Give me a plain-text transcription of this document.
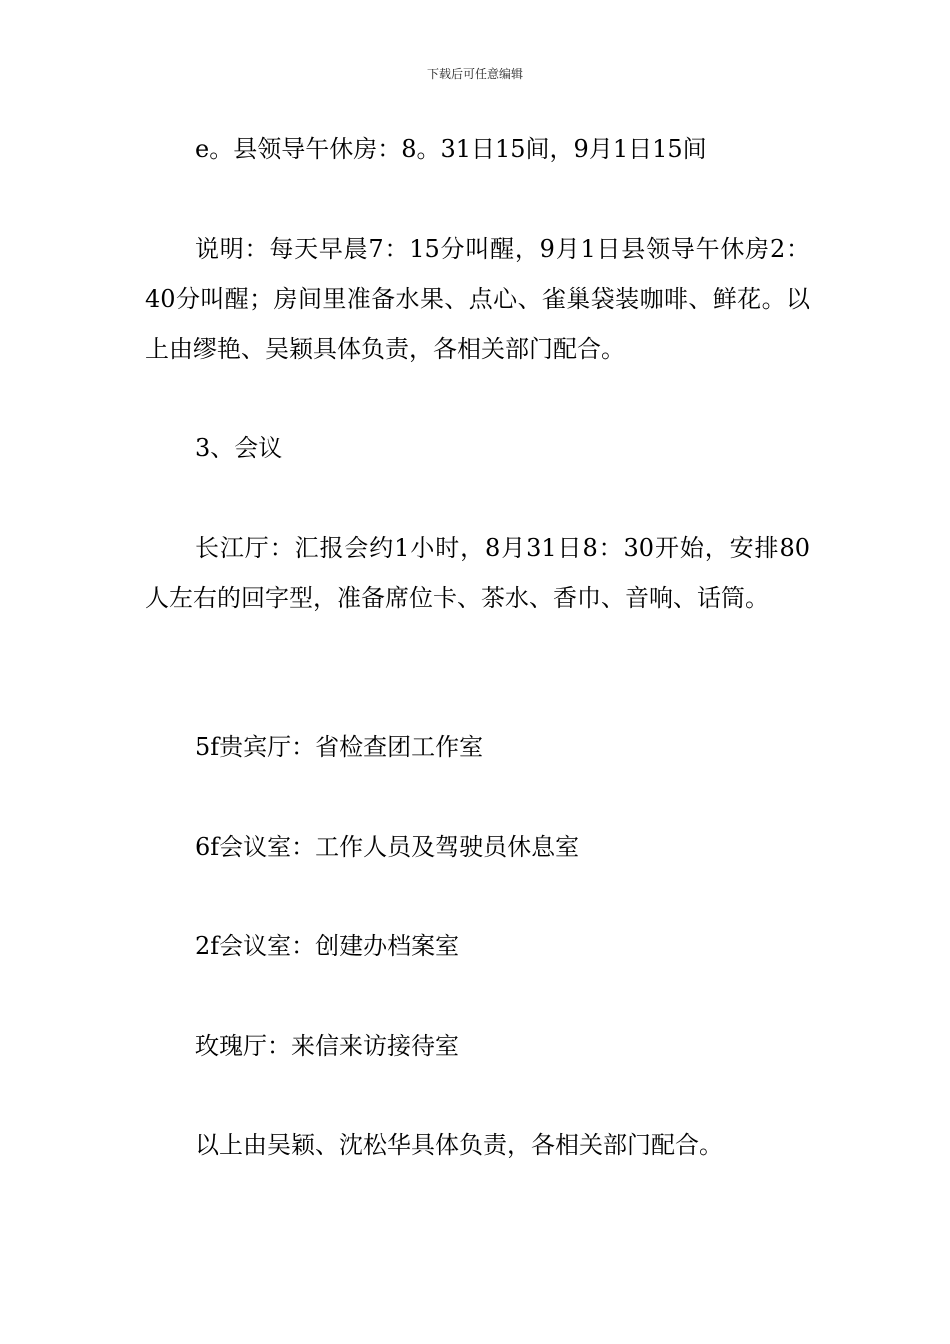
下载后可任意编辑

e。县领导午休房：8。31日15间，9月1日15间

说明：每天早晨7：15分叫醒，9月1日县领导午休房2：40分叫醒；房间里准备水果、点心、雀巢袋装咖啡、鲜花。以上由缪艳、吴颖具体负责，各相关部门配合。

3、会议

长江厅：汇报会约1小时，8月31日8：30开始，安排80人左右的回字型，准备席位卡、茶水、香巾、音响、话筒。

5f贵宾厅：省检查团工作室

6f会议室：工作人员及驾驶员休息室

2f会议室：创建办档案室

玫瑰厅：来信来访接待室

以上由吴颖、沈松华具体负责，各相关部门配合。
